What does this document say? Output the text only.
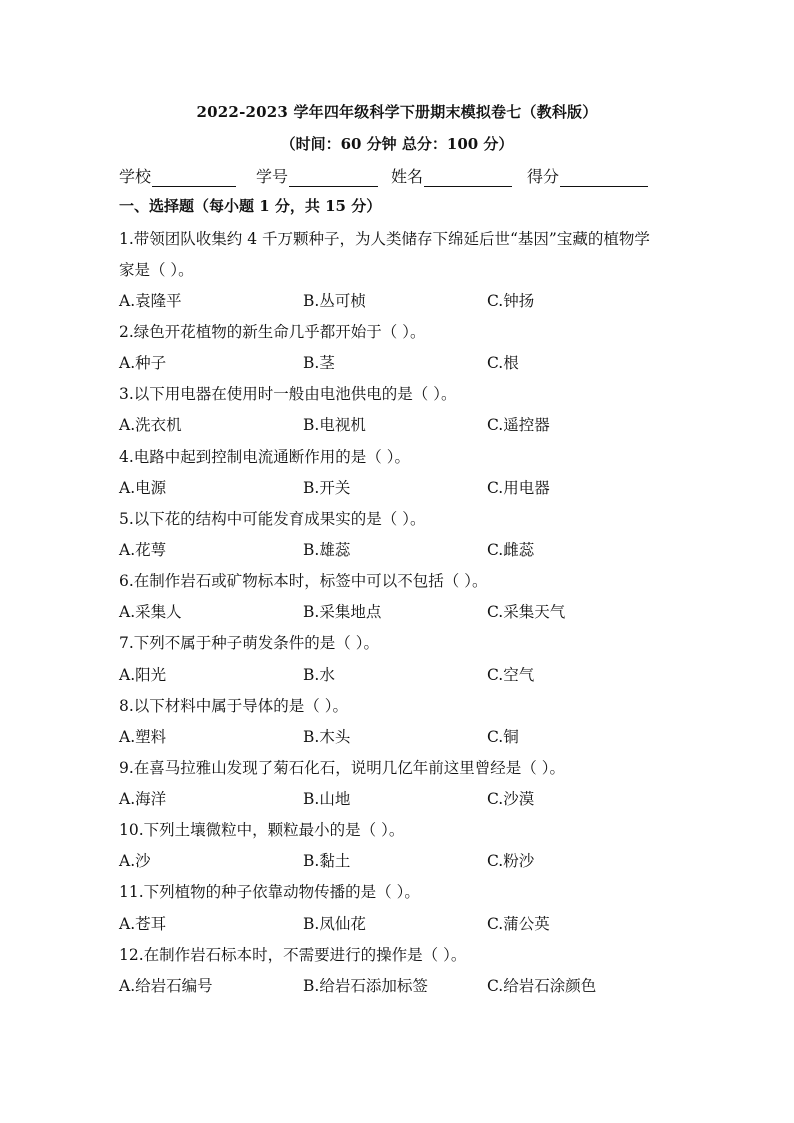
2022-2023 学年四年级科学下册期末模拟卷七（教科版）
（时间：60 分钟 总分：100 分）
学校	学号	姓名	得分
一、选择题（每小题 1 分，共 15 分）
1.带领团队收集约 4 千万颗种子，为人类储存下绵延后世“基因”宝藏的植物学
家是（ ）。
A.袁隆平	B.丛可桢	C.钟扬
2.绿色开花植物的新生命几乎都开始于（ ）。
A.种子	B.茎	C.根
3.以下用电器在使用时一般由电池供电的是（ ）。
A.洗衣机	B.电视机	C.遥控器
4.电路中起到控制电流通断作用的是（ ）。
A.电源	B.开关	C.用电器
5.以下花的结构中可能发育成果实的是（ ）。
A.花萼	B.雄蕊	C.雌蕊
6.在制作岩石或矿物标本时，标签中可以不包括（ ）。
A.采集人	B.采集地点	C.采集天气
7.下列不属于种子萌发条件的是（ ）。
A.阳光	B.水	C.空气
8.以下材料中属于导体的是（ ）。
A.塑料	B.木头	C.铜
9.在喜马拉雅山发现了菊石化石，说明几亿年前这里曾经是（ ）。
A.海洋	B.山地	C.沙漠
10.下列土壤微粒中，颗粒最小的是（ ）。
A.沙	B.黏土	C.粉沙
11.下列植物的种子依靠动物传播的是（ ）。
A.苍耳	B.凤仙花	C.蒲公英
12.在制作岩石标本时，不需要进行的操作是（ ）。
A.给岩石编号	B.给岩石添加标签	C.给岩石涂颜色
